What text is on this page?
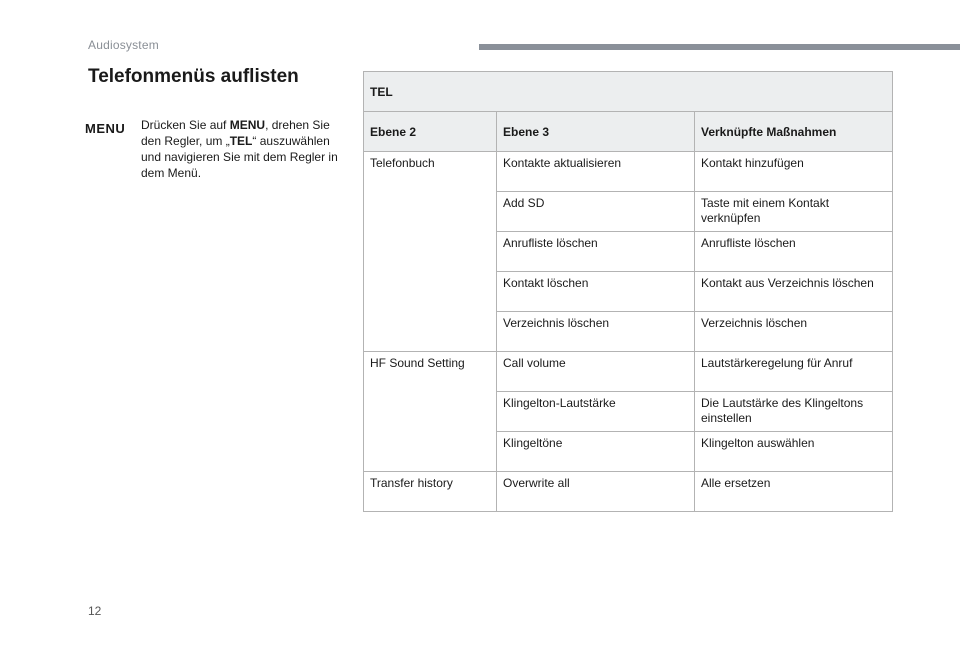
Audiosystem
Telefonmenüs auflisten
MENU Drücken Sie auf MENU, drehen Sie den Regler, um „TEL“ auszuwählen und navigieren Sie mit dem Regler in dem Menü.

TEL		
Ebene 2	Ebene 3	Verknüpfte Maßnahmen
Telefonbuch	Kontakte aktualisieren	Kontakt hinzufügen
	Add SD	Taste mit einem Kontakt verknüpfen
	Anrufliste löschen	Anrufliste löschen
	Kontakt löschen	Kontakt aus Verzeichnis löschen
	Verzeichnis löschen	Verzeichnis löschen
HF Sound Setting	Call volume	Lautstärkeregelung für Anruf
	Klingelton-Lautstärke	Die Lautstärke des Klingeltons einstellen
	Klingeltöne	Klingelton auswählen
Transfer history	Overwrite all	Alle ersetzen
12
